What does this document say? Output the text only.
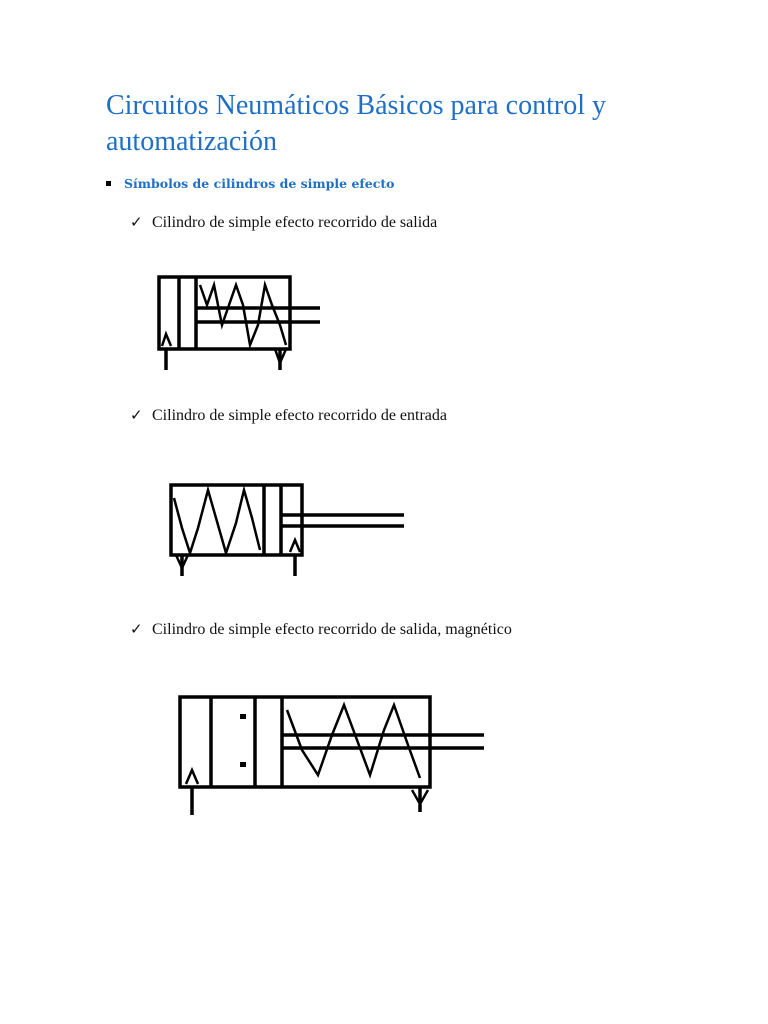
Circuitos Neumáticos Básicos para control y automatización
Símbolos de cilindros de simple efecto
✓ Cilindro de simple efecto recorrido de salida
✓ Cilindro de simple efecto recorrido de entrada
✓ Cilindro de simple efecto recorrido de salida, magnético
